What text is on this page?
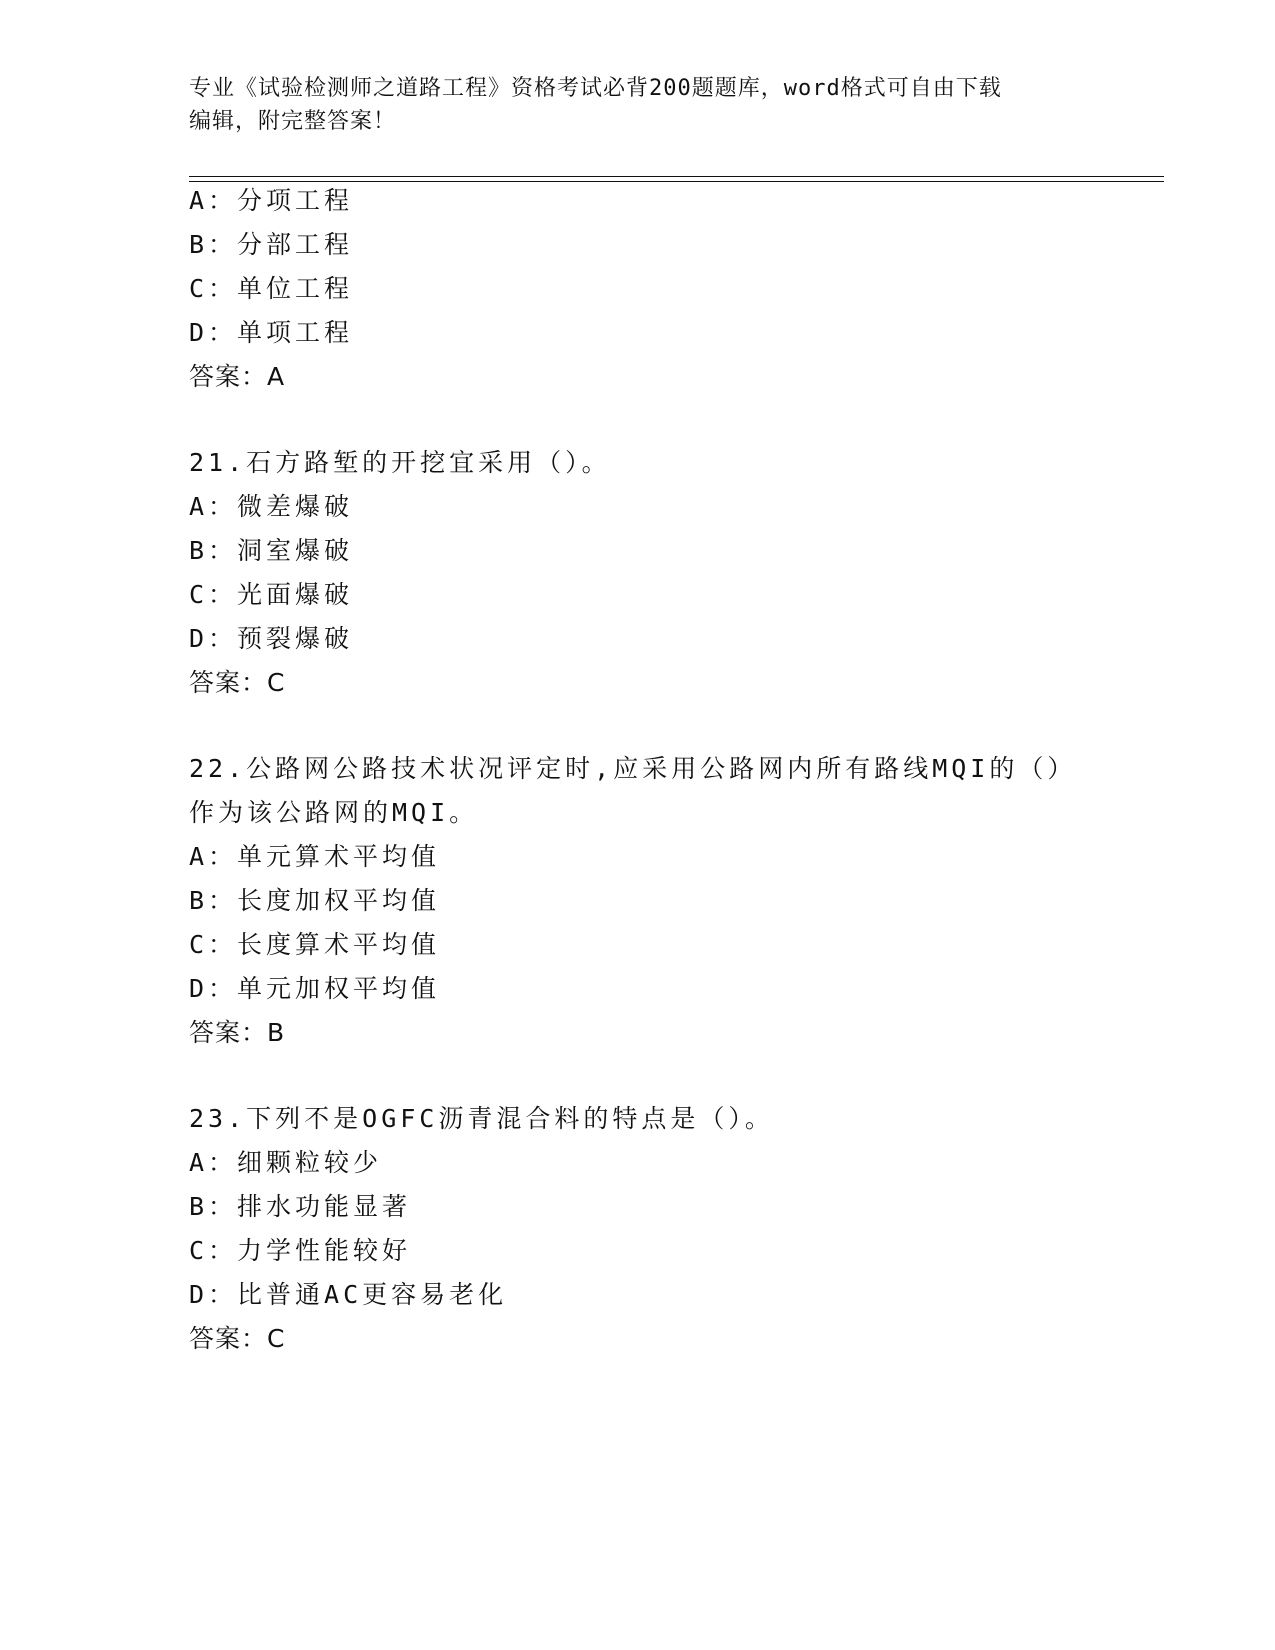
专业《试验检测师之道路工程》资格考试必背200题题库，word格式可自由下载
编辑，附完整答案！
A：分项工程
B：分部工程
C：单位工程
D：单项工程
答案：A
21.石方路堑的开挖宜采用（）。
A：微差爆破
B：洞室爆破
C：光面爆破
D：预裂爆破
答案：C
22.公路网公路技术状况评定时,应采用公路网内所有路线MQI的（）
作为该公路网的MQI。
A：单元算术平均值
B：长度加权平均值
C：长度算术平均值
D：单元加权平均值
答案：B
23.下列不是OGFC沥青混合料的特点是（）。
A：细颗粒较少
B：排水功能显著
C：力学性能较好
D：比普通AC更容易老化
答案：C
